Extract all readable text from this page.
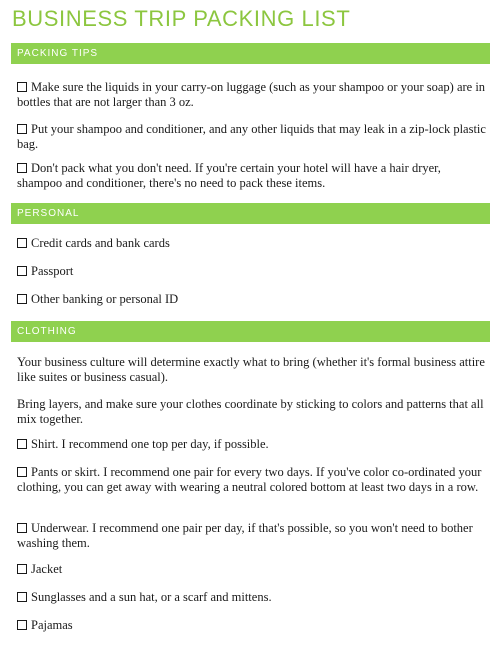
BUSINESS TRIP PACKING LIST
PACKING TIPS
Make sure the liquids in your carry-on luggage (such as your shampoo or your soap) are in bottles that are not larger than 3 oz.
Put your shampoo and conditioner, and any other liquids that may leak in a zip-lock plastic bag.
Don't pack what you don't need. If you're certain your hotel will have a hair dryer, shampoo and conditioner, there's no need to pack these items.
PERSONAL
Credit cards and bank cards
Passport
Other banking or personal ID
CLOTHING
Your business culture will determine exactly what to bring (whether it's formal business attire like suites or business casual).
Bring layers, and make sure your clothes coordinate by sticking to colors and patterns that all mix together.
Shirt. I recommend one top per day, if possible.
Pants or skirt. I recommend one pair for every two days. If you've color co-ordinated your clothing, you can get away with wearing a neutral colored bottom at least two days in a row.
Underwear. I recommend one pair per day, if that's possible, so you won't need to bother washing them.
Jacket
Sunglasses and a sun hat, or a scarf and mittens.
Pajamas
